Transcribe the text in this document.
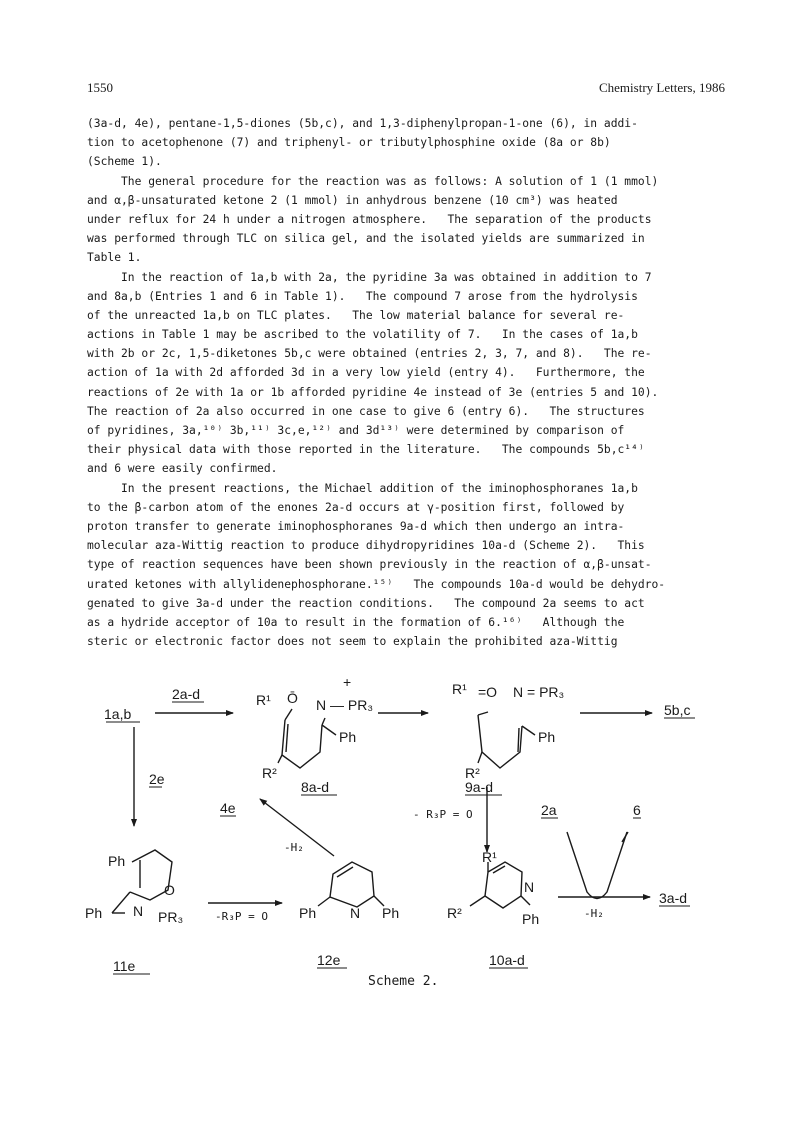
1550	Chemistry Letters, 1986
(3a-d, 4e), pentane-1,5-diones (5b,c), and 1,3-diphenylpropan-1-one (6), in addi-
tion to acetophenone (7) and triphenyl- or tributylphosphine oxide (8a or 8b)
(Scheme 1).
The general procedure for the reaction was as follows: A solution of 1 (1 mmol)
and α,β-unsaturated ketone 2 (1 mmol) in anhydrous benzene (10 cm³) was heated
under reflux for 24 h under a nitrogen atmosphere.   The separation of the products
was performed through TLC on silica gel, and the isolated yields are summarized in
Table 1.
In the reaction of 1a,b with 2a, the pyridine 3a was obtained in addition to 7
and 8a,b (Entries 1 and 6 in Table 1).   The compound 7 arose from the hydrolysis
of the unreacted 1a,b on TLC plates.   The low material balance for several re-
actions in Table 1 may be ascribed to the volatility of 7.   In the cases of 1a,b
with 2b or 2c, 1,5-diketones 5b,c were obtained (entries 2, 3, 7, and 8).   The re-
action of 1a with 2d afforded 3d in a very low yield (entry 4).   Furthermore, the
reactions of 2e with 1a or 1b afforded pyridine 4e instead of 3e (entries 5 and 10).
The reaction of 2a also occurred in one case to give 6 (entry 6).   The structures
of pyridines, 3a,¹⁰⁾ 3b,¹¹⁾ 3c,e,¹²⁾ and 3d¹³⁾ were determined by comparison of
their physical data with those reported in the literature.   The compounds 5b,c¹⁴⁾
and 6 were easily confirmed.
In the present reactions, the Michael addition of the iminophosphoranes 1a,b
to the β-carbon atom of the enones 2a-d occurs at γ-position first, followed by
proton transfer to generate iminophosphoranes 9a-d which then undergo an intra-
molecular aza-Wittig reaction to produce dihydropyridines 10a-d (Scheme 2).   This
type of reaction sequences have been shown previously in the reaction of α,β-unsat-
urated ketones with allylidenephosphorane.¹⁵⁾   The compounds 10a-d would be dehydro-
genated to give 3a-d under the reaction conditions.   The compound 2a seems to act
as a hydride acceptor of 10a to result in the formation of 6.¹⁶⁾   Although the
steric or electronic factor does not seem to explain the prohibited aza-Wittig
1a,b
2a-d
2e
R¹ Ō
+
N — PR₃
Ph
R²
8a-d
R¹ =O N = PR₃
Ph
R²
9a-d
5b,c
4e
-H₂
- R₃P = O	2a	6
Ph
O
Ph N PR₃
11e
-R₃P = O Ph N Ph
12e
R¹
N
R²	Ph
10a-d
-H₂
3a-d
Scheme 2.
